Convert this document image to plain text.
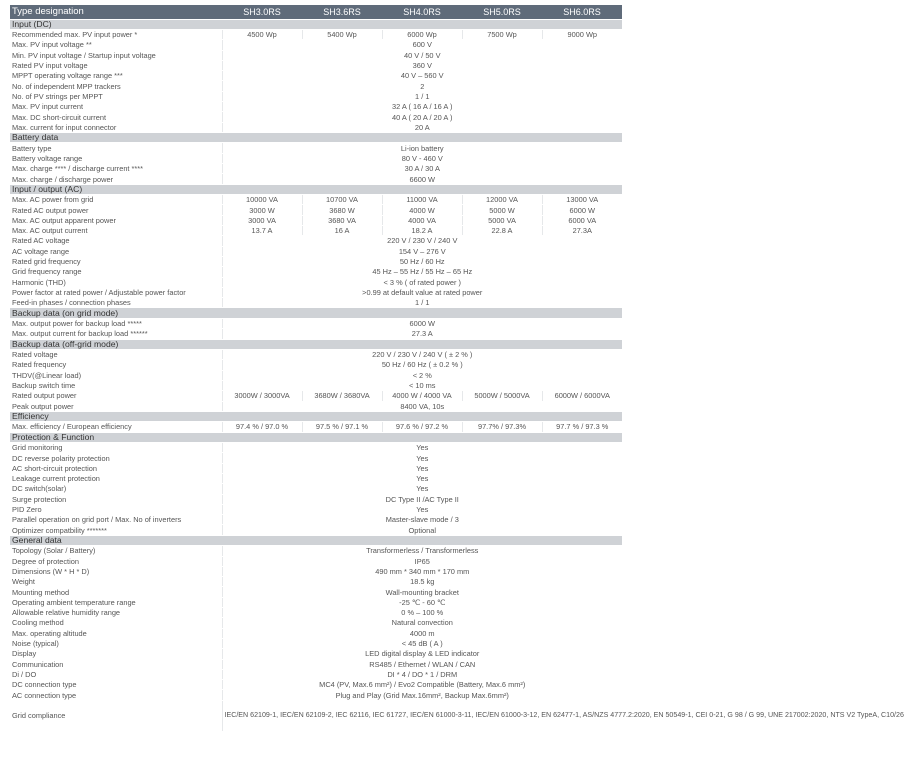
Type designation	SH3.0RS	SH3.6RS	SH4.0RS	SH5.0RS	SH6.0RS
Input (DC)					
Recommended max. PV input power *	4500 Wp	5400 Wp	6000 Wp	7500 Wp	9000 Wp
Max. PV input voltage **	600 V				
Min. PV input voltage / Startup input voltage	40 V / 50 V				
Rated PV input voltage	360 V				
MPPT operating voltage range ***	40 V – 560 V				
No. of independent MPP trackers	2				
No. of PV strings per MPPT	1 / 1				
Max. PV input current	32 A ( 16 A / 16 A )				
Max. DC short-circuit current	40 A ( 20 A / 20 A )				
Max. current for input connector	20 A				
Battery data					
Battery type	Li-ion battery				
Battery voltage range	80 V - 460 V				
Max. charge **** / discharge current ****	30 A / 30 A				
Max. charge / discharge power	6600 W				
Input / output (AC)					
Max. AC power from grid	10000 VA	10700 VA	11000 VA	12000 VA	13000 VA
Rated AC output power	3000 W	3680 W	4000 W	5000 W	6000 W
Max. AC output apparent power	3000 VA	3680 VA	4000 VA	5000 VA	6000 VA
Max. AC output current	13.7 A	16 A	18.2 A	22.8 A	27.3A
Rated AC voltage	220 V / 230 V / 240 V				
AC voltage range	154 V – 276 V				
Rated grid frequency	50 Hz / 60 Hz				
Grid frequency range	45 Hz – 55 Hz / 55 Hz – 65 Hz				
Harmonic (THD)	< 3 % ( of rated power )				
Power factor at rated power / Adjustable power factor	>0.99 at default value at rated power				
Feed-in phases / connection phases	1 / 1				
Backup data (on grid mode)					
Max. output power for backup load *****	6000 W				
Max. output current for backup load ******	27.3 A				
Backup data (off-grid mode)					
Rated voltage	220 V / 230 V / 240 V ( ± 2 % )				
Rated frequency	50 Hz / 60 Hz ( ± 0.2 % )				
THDV(@Linear load)	< 2 %				
Backup switch time	< 10 ms				
Rated output power	3000W / 3000VA	3680W / 3680VA	4000 W / 4000 VA	5000W / 5000VA	6000W / 6000VA
Peak output power	8400 VA, 10s				
Efficiency					
Max. efficiency / European efficiency	97.4 % / 97.0 %	97.5 % / 97.1 %	97.6 % / 97.2 %	97.7% / 97.3%	97.7 % / 97.3 %
Protection & Function					
Grid monitoring	Yes				
DC reverse polarity protection	Yes				
AC short-circuit protection	Yes				
Leakage current protection	Yes				
DC switch(solar)	Yes				
Surge protection	DC Type II /AC Type II				
PID Zero	Yes				
Parallel operation on grid port / Max. No of inverters	Master-slave mode / 3				
Optimizer compatbility *******	Optional				
General data					
Topology (Solar / Battery)	Transformerless / Transformerless				
Degree of protection	IP65				
Dimensions (W * H * D)	490 mm * 340 mm * 170 mm				
Weight	18.5 kg				
Mounting method	Wall-mounting bracket				
Operating ambient temperature range	-25 ℃ - 60 ℃				
Allowable relative humidity range	0 % – 100 %				
Cooling method	Natural convection				
Max. operating altitude	4000 m				
Noise (typical)	< 45 dB ( A )				
Display	LED digital display & LED indicator				
Communication	RS485 / Ethernet / WLAN / CAN				
Di / DO	DI * 4 / DO * 1 / DRM				
DC connection type	MC4 (PV, Max.6 mm²) / Evo2 Compatible (Battery, Max.6 mm²)				
AC connection type	Plug and Play (Grid Max.16mm², Backup Max.6mm²)				
Grid compliance	IEC/EN 62109-1, IEC/EN 62109-2, IEC 62116, IEC 61727, IEC/EN 61000-3-11, IEC/EN 61000-3-12, EN 62477-1, AS/NZS 4777.2:2020, EN 50549-1, CEI 0-21, G 98 / G 99, UNE 217002:2020, NTS V2 TypeA, C10/26				
